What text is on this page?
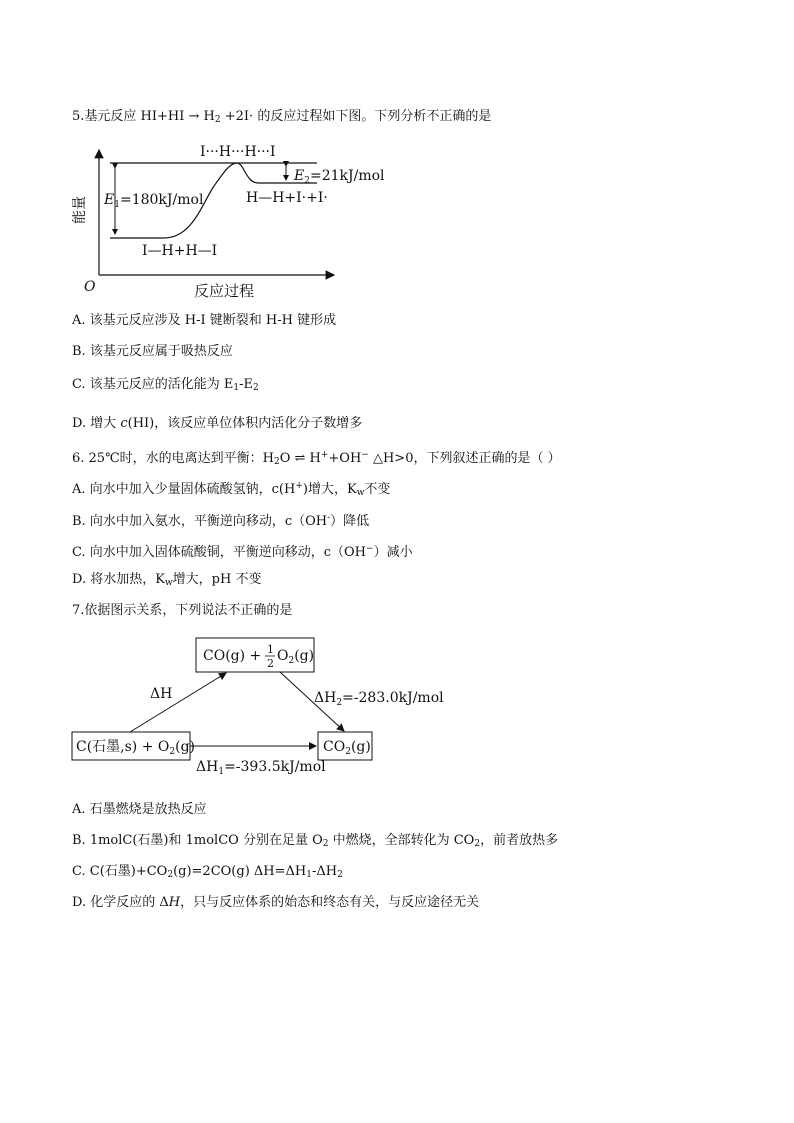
5.基元反应 $HI+HI \to H_2 +2I\cdot$ 的反应过程如下图。下列分析不正确的是
能量
O	反应过程
I···H···H···I
I—H+H—I
H—H+I·+I·
$E_1=180kJ$/mol
$E_2=21kJ$/mol
A. 该基元反应涉及 H-I 键断裂和 H-H 键形成
B. 该基元反应属于吸热反应
C. 该基元反应的活化能为 $E_1-E_2$
D. 增大 c(HI)，该反应单位体积内活化分子数增多
6. 25℃时，水的电离达到平衡：$H_2O$ ⇌ H++OH− △H>0，下列叙述正确的是（ ）
A. 向水中加入少量固体硫酸氢钠，c(H+)增大，$K_w$不变
B. 向水中加入氨水，平衡逆向移动，c（OH-）降低
C. 向水中加入固体硫酸铜，平衡逆向移动，c（OH−）减小
D. 将水加热，$K_w$增大，pH 不变
7.依据图示关系，下列说法不正确的是
CO(g) + 1
2 $O_2(g)$
C(石墨$,s) + O_2(g)$	$CO_2(g)$
ΔH	$\Delta H_2=-283.0kJ$/mol
$\Delta H_1=-393.5kJ$/mol
A. 石墨燃烧是放热反应
B. 1molC(石墨)和 1molCO 分别在足量 $O_2$ 中燃烧，全部转化为 $CO_2$，前者放热多
C. C(石墨)$+CO_2(g)=2CO(g)$ $\Delta H=\Delta H_1-\Delta H_2$
D. 化学反应的 ΔH，只与反应体系的始态和终态有关，与反应途径无关
